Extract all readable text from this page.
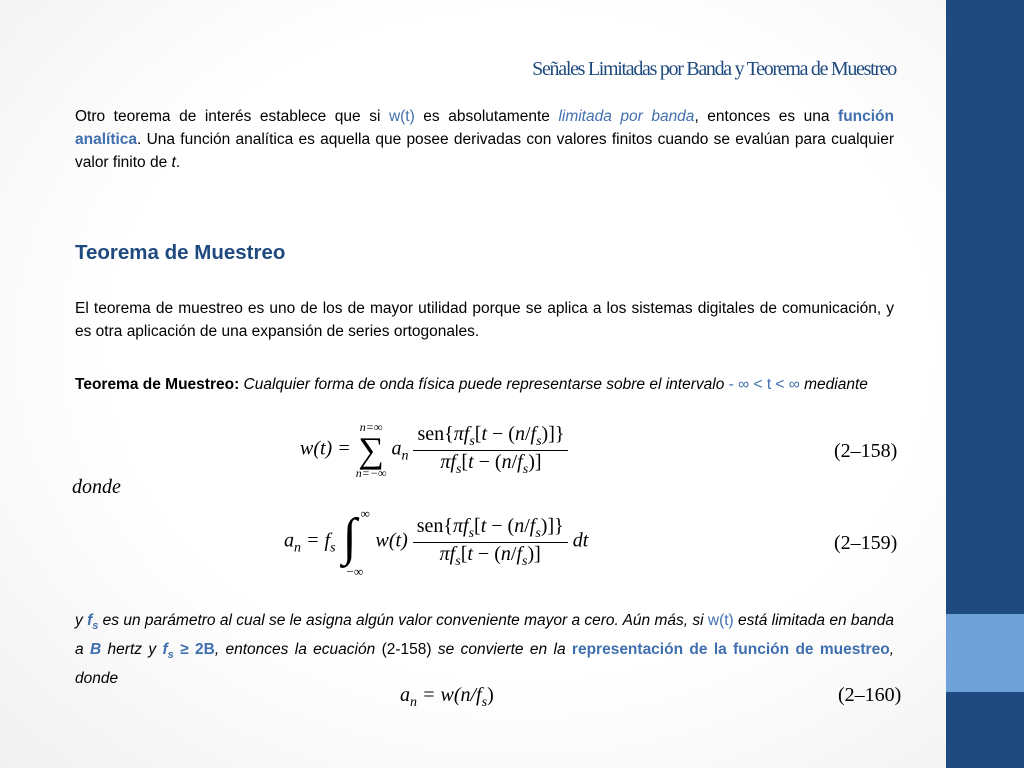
Señales Limitadas por Banda y Teorema de Muestreo
Otro teorema de interés establece que si w(t) es absolutamente limitada por banda, entonces es una función analítica. Una función analítica es aquella que posee derivadas con valores finitos cuando se evalúan para cualquier valor finito de t.
Teorema de Muestreo
El teorema de muestreo es uno de los de mayor utilidad porque se aplica a los sistemas digitales de comunicación, y es otra aplicación de una expansión de series ortogonales.
Teorema de Muestreo: Cualquier forma de onda física puede representarse sobre el intervalo - ∞ < t < ∞ mediante
w(t) =
n=∞
∑
n=−∞
$a_n \frac{sen\{\pi f_s[t - (n/f_s)]\}}{\pi f_s[t - (n/f_s)]}$	(2–158)
donde
$a_n = f_s$ ∫ ∞
−∞
$w(t) \frac{sen\{\pi f_s[t - (n/f_s)]\}}{\pi f_s[t - (n/f_s)]}$ dt	(2–159)
y $f_s$ es un parámetro al cual se le asigna algún valor conveniente mayor a cero. Aún más, si w(t) está limitada en banda a B hertz y $f_s \ge 2B$, entonces la ecuación (2-158) se convierte en la representación de la función de muestreo, donde
$a_n = w(n/f_s)$	(2–160)
